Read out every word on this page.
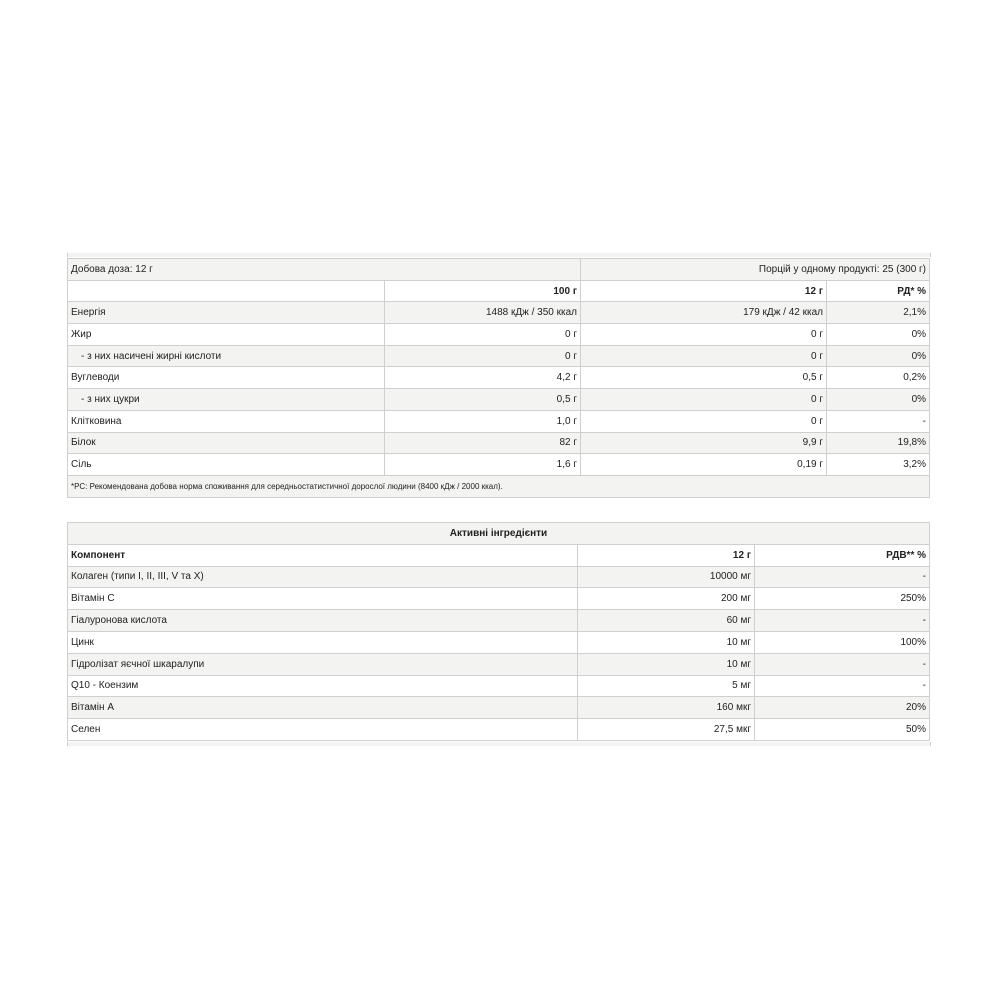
Добова доза: 12 г		Порцій у одному продукті: 25 (300 г)	
	100 г	12 г	РД* %
Енергія	1488 кДж / 350 ккал	179 кДж / 42 ккал	2,1%
Жир	0 г	0 г	0%
- з них насичені жирні кислоти	0 г	0 г	0%
Вуглеводи	4,2 г	0,5 г	0,2%
- з них цукри	0,5 г	0 г	0%
Клітковина	1,0 г	0 г	-
Білок	82 г	9,9 г	19,8%
Сіль	1,6 г	0,19 г	3,2%
*РС: Рекомендована добова норма споживання для середньостатистичної дорослої людини (8400 кДж / 2000 ккал).			
Активні інгредієнти		
Компонент	12 г	РДВ** %
Колаген (типи I, II, III, V та X)	10000 мг	-
Вітамін C	200 мг	250%
Гіалуронова кислота	60 мг	-
Цинк	10 мг	100%
Гідролізат яєчної шкаралупи	10 мг	-
Q10 - Коензим	5 мг	-
Вітамін A	160 мкг	20%
Селен	27,5 мкг	50%
